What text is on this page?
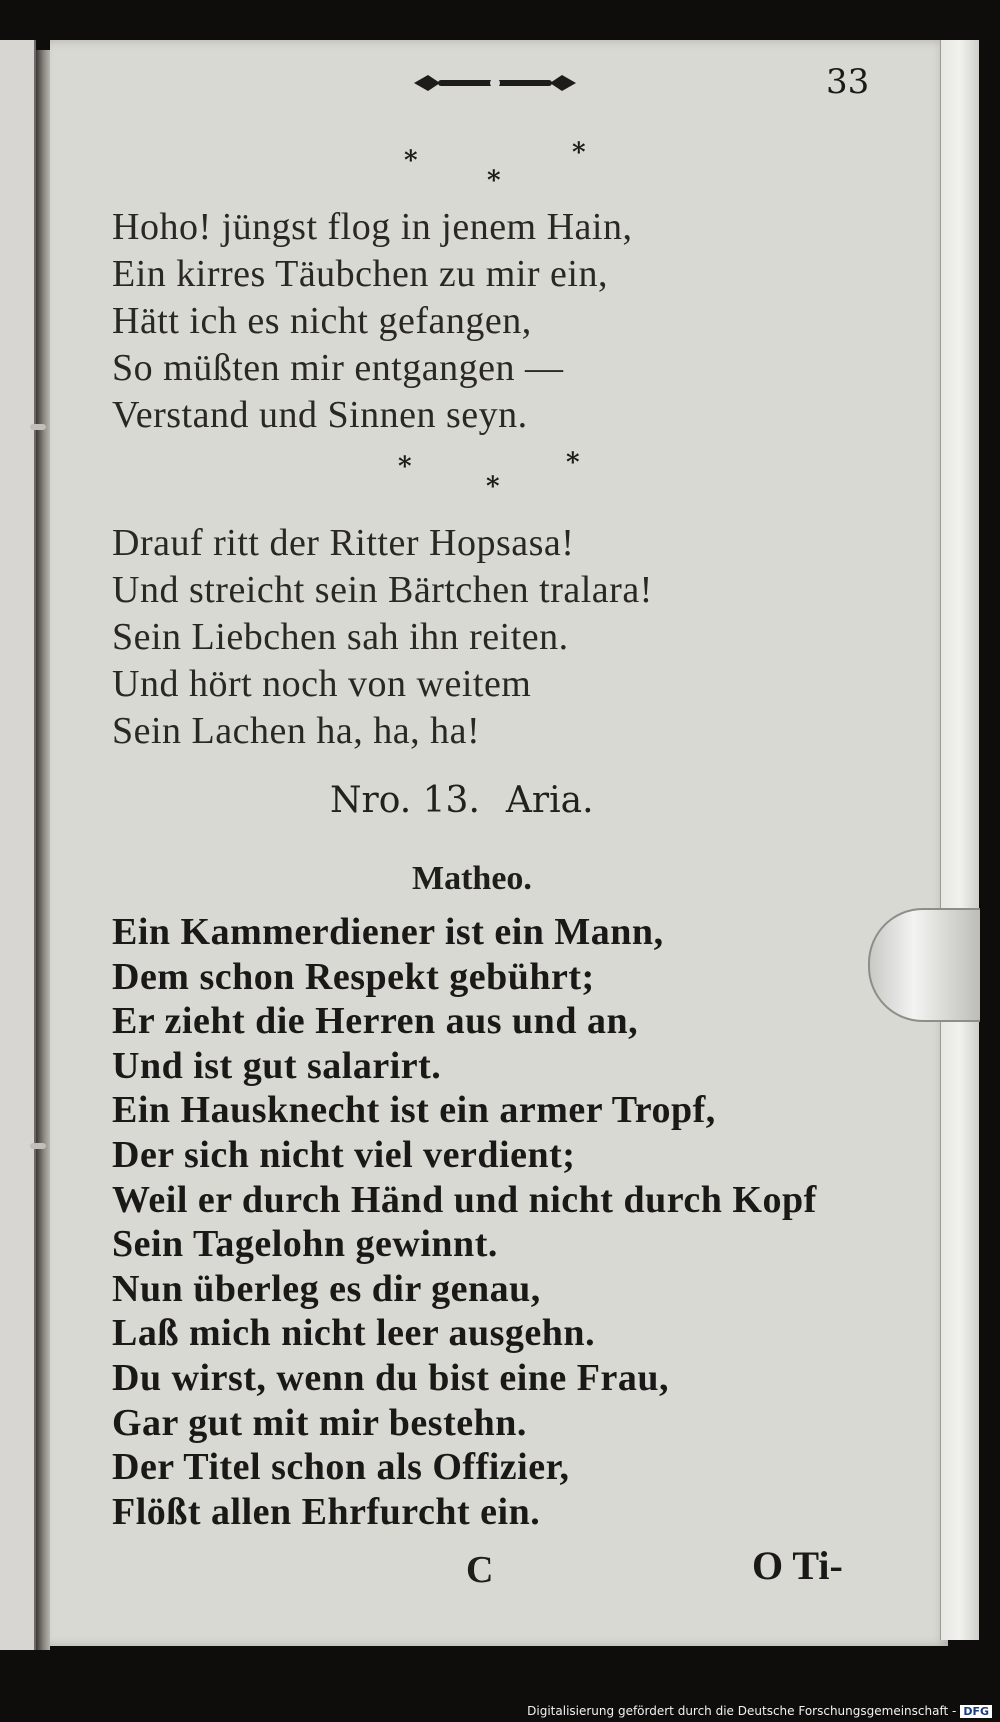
33
*	*
*
Hoho! jüngst flog in jenem Hain,
Ein kirres Täubchen zu mir ein,
Hätt ich es nicht gefangen,
So müßten mir entgangen —
Verstand und Sinnen seyn.
*	*
*
Drauf ritt der Ritter Hopsasa!
Und streicht sein Bärtchen tralara!
Sein Liebchen sah ihn reiten.
Und hört noch von weitem
Sein Lachen ha, ha, ha!
Nro. 13. Aria.
Matheo.
Ein Kammerdiener ist ein Mann,
Dem schon Respekt gebührt;
Er zieht die Herren aus und an,
Und ist gut salarirt.
Ein Hausknecht ist ein armer Tropf,
Der sich nicht viel verdient;
Weil er durch Händ und nicht durch Kopf
Sein Tagelohn gewinnt.
Nun überleg es dir genau,
Laß mich nicht leer ausgehn.
Du wirst, wenn du bist eine Frau,
Gar gut mit mir bestehn.
Der Titel schon als Offizier,
Flößt allen Ehrfurcht ein.
C	O Ti-
Digitalisierung gefördert durch die Deutsche Forschungsgemeinschaft - DFG
